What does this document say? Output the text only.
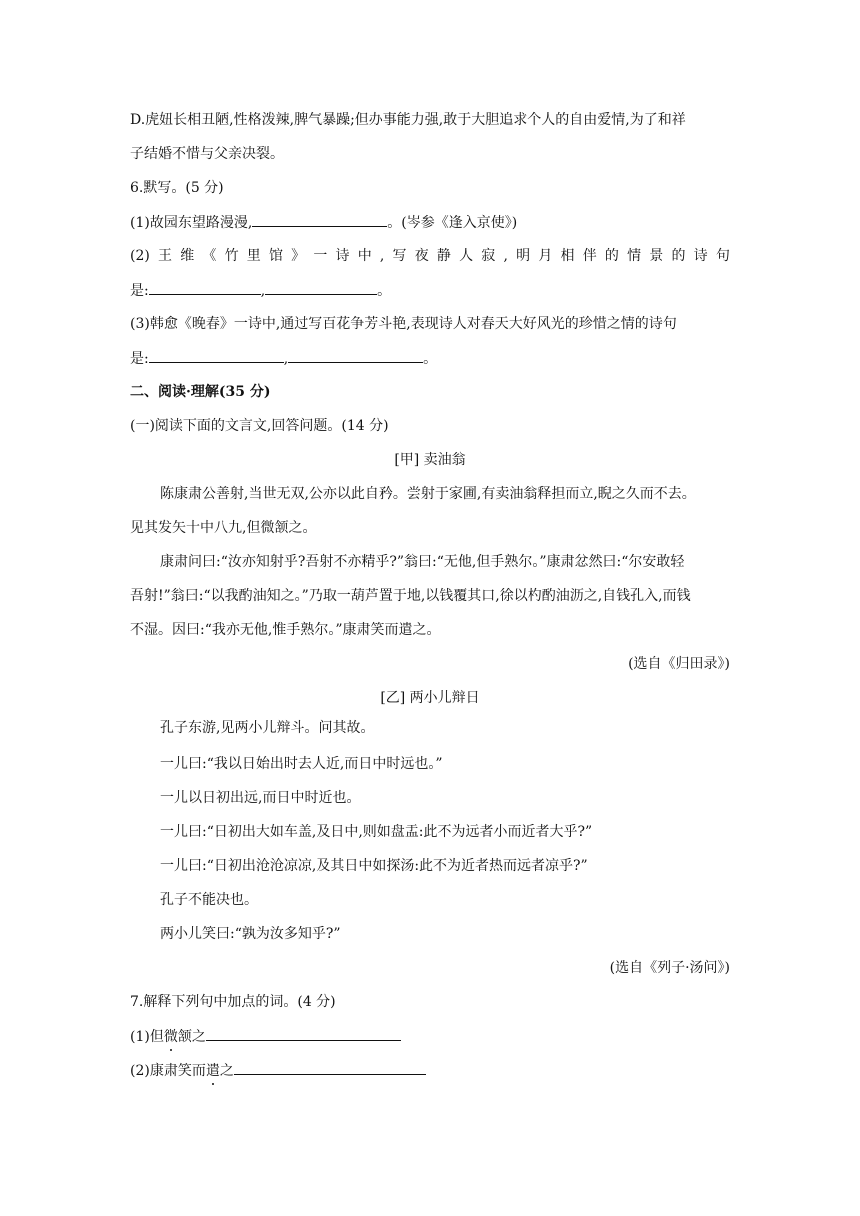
D.虎妞长相丑陋,性格泼辣,脾气暴躁;但办事能力强,敢于大胆追求个人的自由爱情,为了和祥
子结婚不惜与父亲决裂。
6.默写。(5 分)
(1)故园东望路漫漫,	。(岑参《逢入京使》)
(2) 王 维 《 竹 里 馆 》 一 诗 中 , 写 夜 静 人 寂 , 明 月 相 伴 的 情 景 的 诗 句
是:	,	。
(3)韩愈《晚春》一诗中,通过写百花争芳斗艳,表现诗人对春天大好风光的珍惜之情的诗句
是:	,	。
二、阅读·理解(35 分)
(一)阅读下面的文言文,回答问题。(14 分)
[甲] 卖油翁
陈康肃公善射,当世无双,公亦以此自矜。尝射于家圃,有卖油翁释担而立,睨之久而不去。
见其发矢十中八九,但微颔之。
康肃问曰:“汝亦知射乎?吾射不亦精乎?”翁曰:“无他,但手熟尔。”康肃忿然曰:“尔安敢轻
吾射!”翁曰:“以我酌油知之。”乃取一葫芦置于地,以钱覆其口,徐以杓酌油沥之,自钱孔入,而钱
不湿。因曰:“我亦无他,惟手熟尔。”康肃笑而遣之。
(选自《归田录》)
[乙] 两小儿辩日
孔子东游,见两小儿辩斗。问其故。
一儿曰:“我以日始出时去人近,而日中时远也。”
一儿以日初出远,而日中时近也。
一儿曰:“日初出大如车盖,及日中,则如盘盂:此不为远者小而近者大乎?”
一儿曰:“日初出沧沧凉凉,及其日中如探汤:此不为近者热而远者凉乎?”
孔子不能决也。
两小儿笑曰:“孰为汝多知乎?”
(选自《列子·汤问》)
7.解释下列句中加点的词。(4 分)
(1)但微颔之
(2)康肃笑而遣之
